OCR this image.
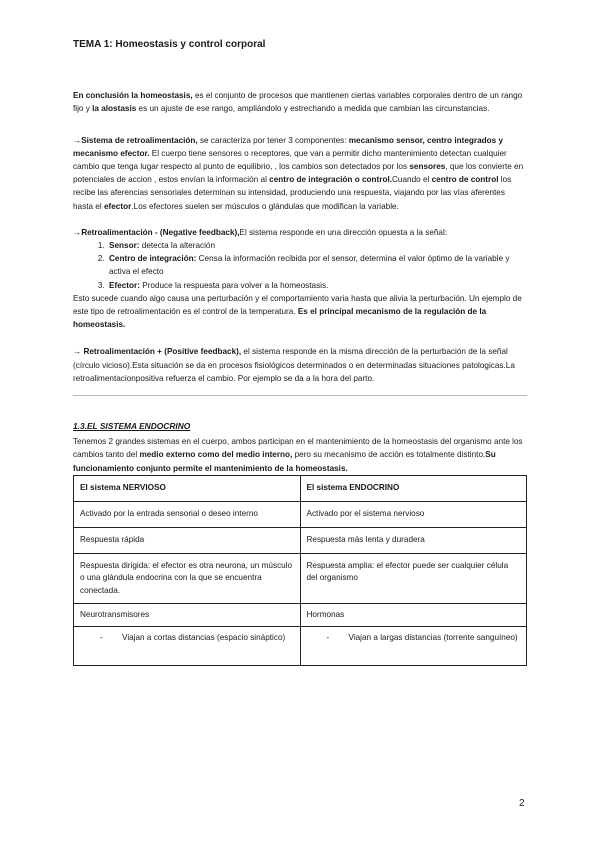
TEMA 1: Homeostasis y control corporal

En conclusión la homeostasis, es el conjunto de procesos que mantienen ciertas variables corporales dentro de un rango fijo y la alostasis es un ajuste de ese rango, ampliándolo y estrechando a medida que cambian las circunstancias.

→Sistema de retroalimentación, se caracteriza por tener 3 componentes: mecanismo sensor, centro integrados y mecanismo efector. El cuerpo tiene sensores o receptores, que van a permitir dicho mantenimiento detectan cualquier cambio que tenga lugar respecto al punto de equilibrio, , los cambios son detectados por los sensores, que los convierte en potenciales de accion , estos envían la información al centro de integración o control.Cuando el centro de control los recibe las aferencias sensoriales determinan su intensidad, produciendo una respuesta, viajando por las vías aferentes hasta el efector.Los efectores suelen ser músculos o glándulas que modifican la variable.

→Retroalimentación - (Negative feedback),El sistema responde en una dirección opuesta a la señal:

1. Sensor: detecta la alteración
2. Centro de integración: Censa la información recibida por el sensor, determina el valor óptimo de la variable y activa el efecto
3. Efector: Produce la respuesta para volver a la homeostasis.

Esto sucede cuando algo causa una perturbación y el comportamiento varia hasta que alivia la perturbación. Un ejemplo de este tipo de retroalimentación es el control de la temperatura. Es el principal mecanismo de la regulación de la homeostasis.

→ Retroalimentación + (Positive feedback), el sistema responde en la misma dirección de la perturbación de la señal (círculo vicioso).Esta situación se da en procesos fisiológicos determinados o en determinadas situaciones patologicas.La retroalimentacionpositiva refuerza el cambio. Por ejemplo se da a la hora del parto.

1.3.EL SISTEMA ENDOCRINO

Tenemos 2 grandes sistemas en el cuerpo, ambos participan en el mantenimiento de la homeostasis del organismo ante los cambios tanto del medio externo como del medio interno, pero su mecanismo de acción es totalmente distinto.Su funcionamiento conjunto permite el mantenimiento de la homeostasis.

El sistema NERVIOSO	El sistema ENDOCRINO
Activado por la entrada sensorial o deseo interno	Activado por el sistema nervioso
Respuesta rápida	Respuesta más lenta y duradera
Respuesta dirigida: el efector es otra neurona, un músculo o una glándula endocrina con la que se encuentra conectada.	Respuesta amplia: el efector puede ser cualquier célula del organismo
Neurotransmisores	Hormonas

- Viajan a cortas distancias (espacio sináptico)	- Viajan a largas distancias (torrente sanguíneo)
2
